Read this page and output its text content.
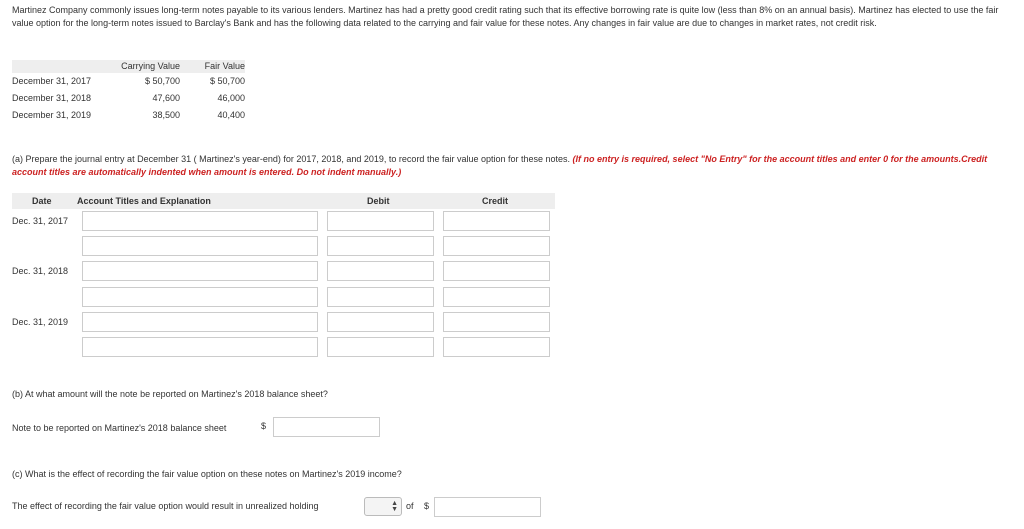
Martinez Company commonly issues long-term notes payable to its various lenders. Martinez has had a pretty good credit rating such that its effective borrowing rate is quite low (less than 8% on an annual basis). Martinez has elected to use the fair value option for the long-term notes issued to Barclay's Bank and has the following data related to the carrying and fair value for these notes. Any changes in fair value are due to changes in market rates, not credit risk.
	Carrying Value	Fair Value
December 31, 2017	$ 50,700	$ 50,700
December 31, 2018	47,600	46,000
December 31, 2019	38,500	40,400
(a) Prepare the journal entry at December 31 ( Martinez's year-end) for 2017, 2018, and 2019, to record the fair value option for these notes. (If no entry is required, select "No Entry" for the account titles and enter 0 for the amounts.Credit account titles are automatically indented when amount is entered. Do not indent manually.)
Date	Account Titles and Explanation	Debit	Credit
Dec. 31, 2017
Dec. 31, 2018
Dec. 31, 2019
(b) At what amount will the note be reported on Martinez's 2018 balance sheet?
Note to be reported on Martinez's 2018 balance sheet	$
(c) What is the effect of recording the fair value option on these notes on Martinez's 2019 income?
The effect of recording the fair value option would result in unrealized holding	▲
▼ of $
